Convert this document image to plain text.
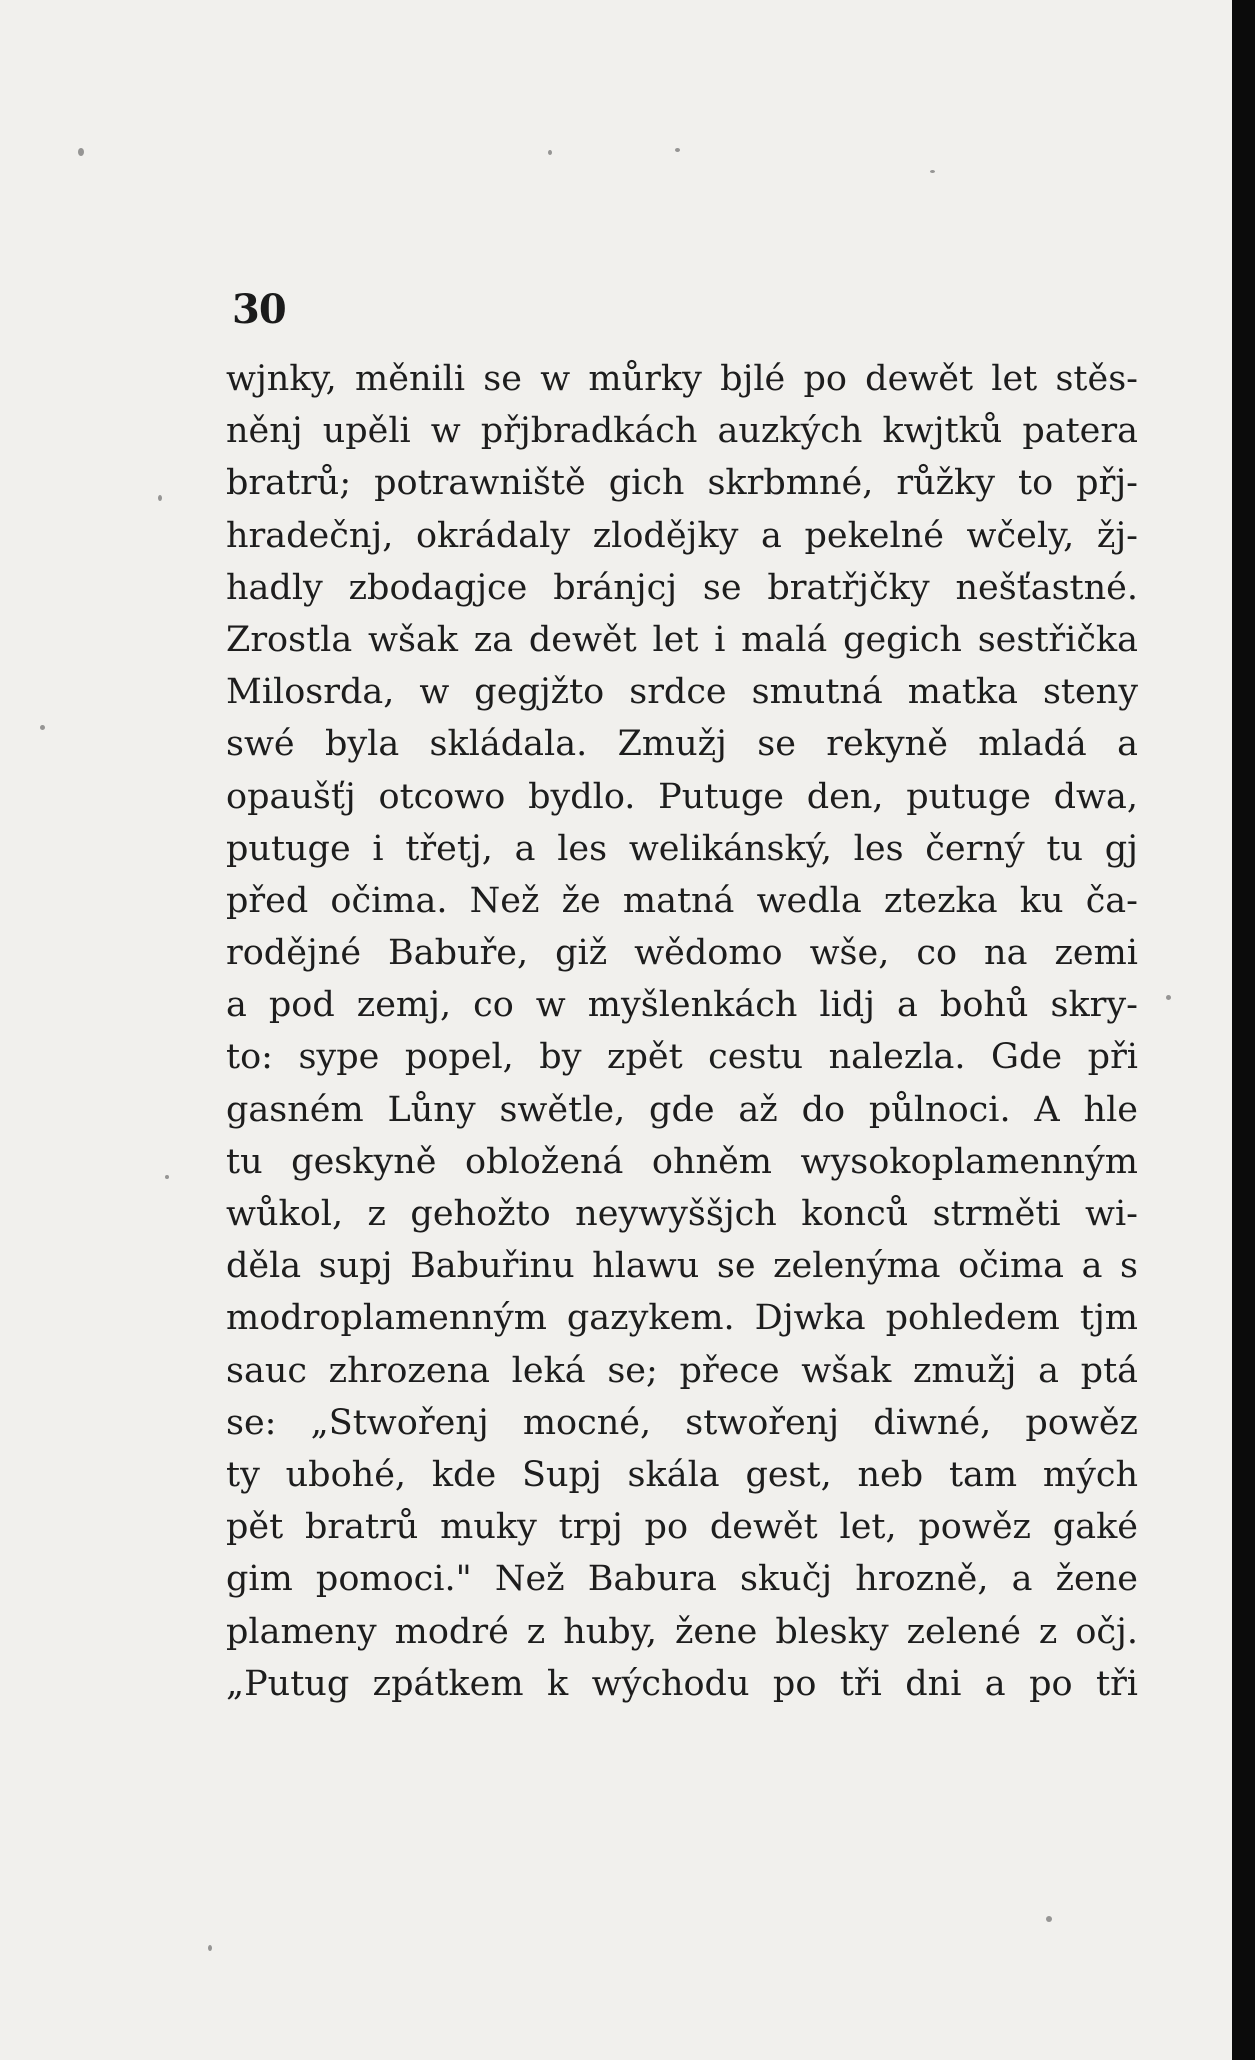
30
wjnky, měnili se w můrky bjlé po dewět let stěs-
něnj upěli w přjbradkách auzkých kwjtků patera
bratrů; potrawniště gich skrbmné, růžky to přj-
hradečnj, okrádaly zlodějky a pekelné wčely, žj-
hadly zbodagjce bránjcj se bratřjčky nešťastné.
Zrostla wšak za dewět let i malá gegich sestřička
Milosrda, w gegjžto srdce smutná matka steny
swé byla skládala. Zmužj se rekyně mladá a
opaušťj otcowo bydlo. Putuge den, putuge dwa,
putuge i třetj, a les welikánský, les černý tu gj
před očima. Než že matná wedla ztezka ku ča-
rodějné Babuře, giž wědomo wše, co na zemi
a pod zemj, co w myšlenkách lidj a bohů skry-
to: sype popel, by zpět cestu nalezla. Gde při
gasném Lůny swětle, gde až do půlnoci. A hle
tu geskyně obložená ohněm wysokoplamenným
wůkol, z gehožto neywyššjch konců strměti wi-
děla supj Babuřinu hlawu se zelenýma očima a s
modroplamenným gazykem. Djwka pohledem tjm
sauc zhrozena leká se; přece wšak zmužj a ptá
se: „Stwořenj mocné, stwořenj diwné, powěz
ty ubohé, kde Supj skála gest, neb tam mých
pět bratrů muky trpj po dewět let, powěz gaké
gim pomoci." Než Babura skučj hrozně, a žene
plameny modré z huby, žene blesky zelené z očj.
„Putug zpátkem k wýchodu po tři dni a po tři
